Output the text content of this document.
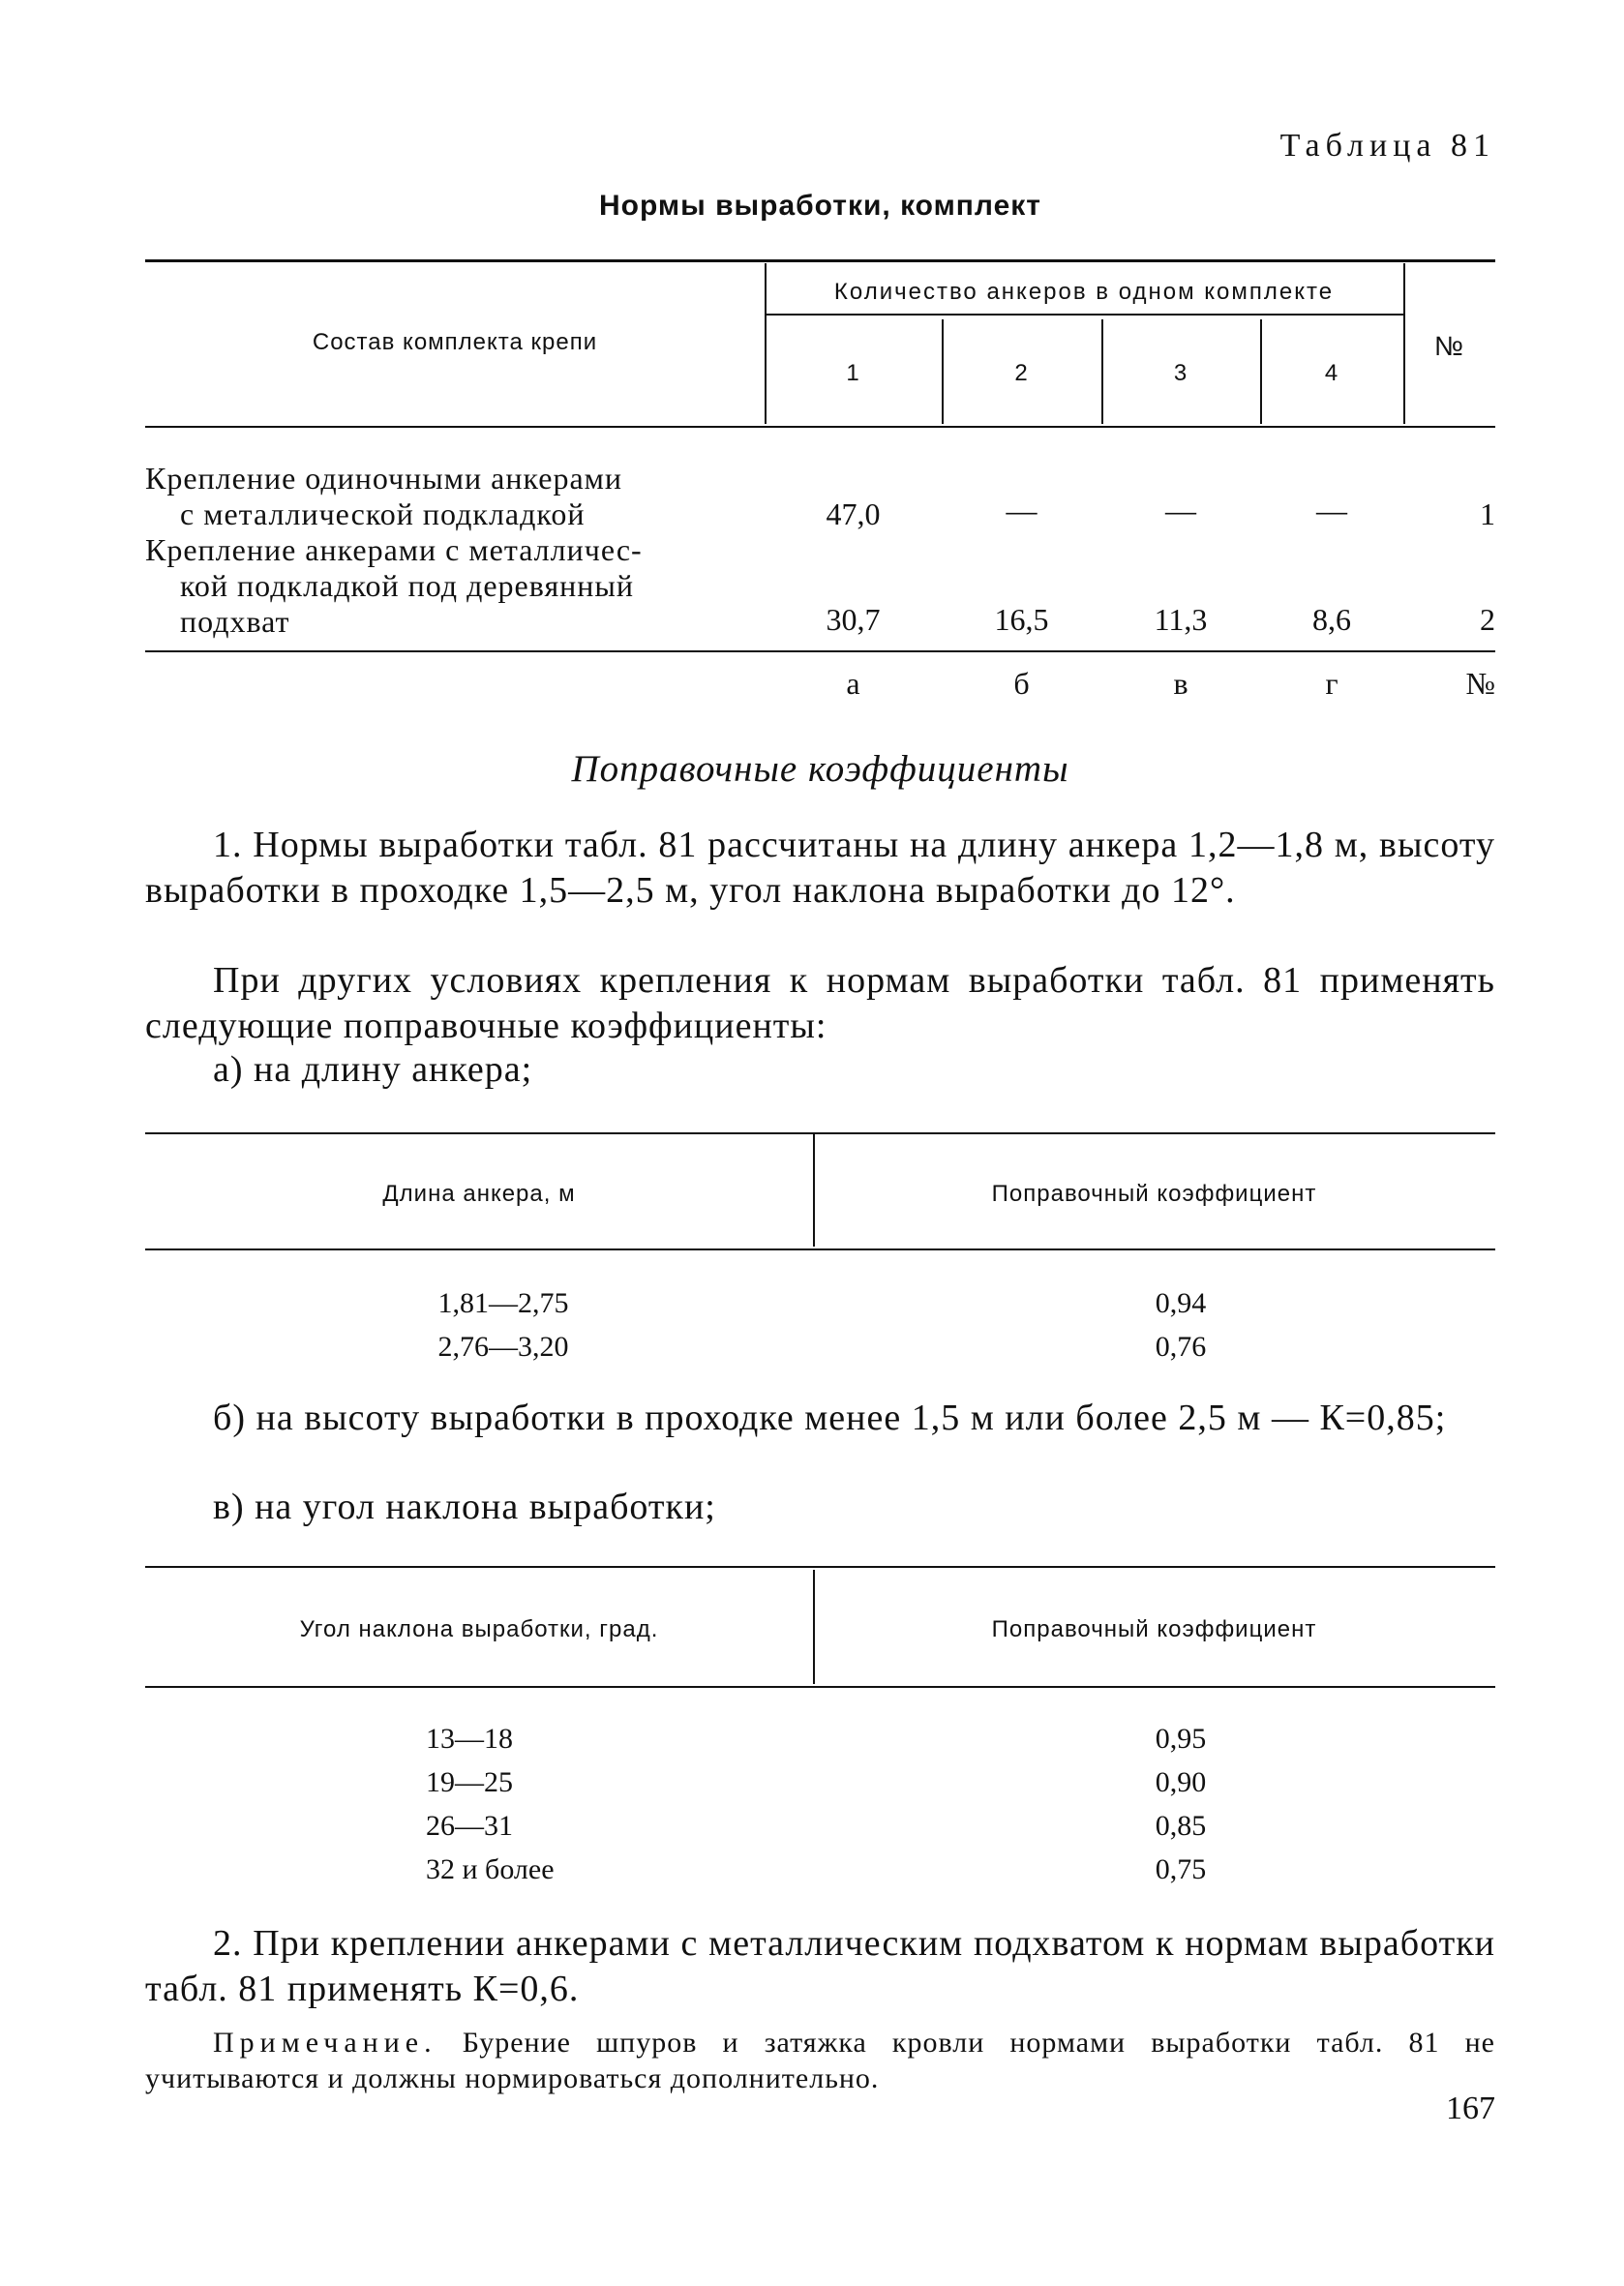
Таблица 81
Нормы выработки, комплект
Состав комплекта крепи
Количество анкеров в одном комплекте
1	2	3	4
№
Крепление одиночными анкерами
с металлической подкладкой	47,0	—	—	—	1
Крепление анкерами с металличес-
кой подкладкой под деревянный
подхват	30,7	16,5	11,3	8,6	2
а	б	в	г	№
Поправочные коэффициенты
1. Нормы выработки табл. 81 рассчитаны на длину анкера 1,2—1,8 м, высоту выработки в проходке 1,5—2,5 м, угол наклона выработки до 12°.
При других условиях крепления к нормам выработки табл. 81 применять следующие поправочные коэффициенты:
а) на длину анкера;
Длина анкера, м	Поправочный коэффициент
1,81—2,75	0,94
2,76—3,20	0,76
б) на высоту выработки в проходке менее 1,5 м или более 2,5 м — К=0,85;
в) на угол наклона выработки;
Угол наклона выработки, град.	Поправочный коэффициент
13—18	0,95
19—25	0,90
26—31	0,85
32 и более	0,75
2. При креплении анкерами с металлическим подхватом к нормам выработки табл. 81 применять К=0,6.
Примечание. Бурение шпуров и затяжка кровли нормами выработки табл. 81 не учитываются и должны нормироваться дополнительно.
167
